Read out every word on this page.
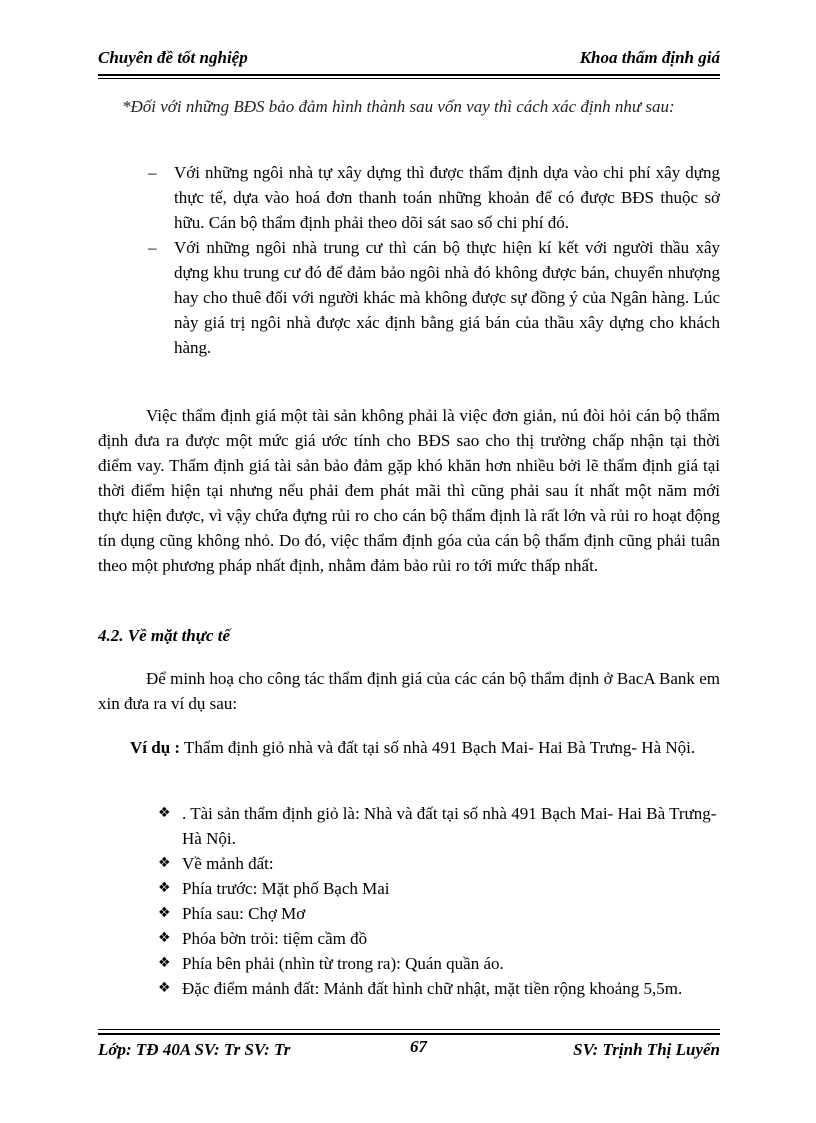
Chuyên đề tốt nghiệp	Khoa thẩm định giá

*Đối với những BĐS bảo đảm hình thành sau vốn vay thì cách xác định như sau:

– Với những ngôi nhà tự xây dựng thì được thẩm định dựa vào chi phí xây dựng thực tế, dựa vào hoá đơn thanh toán những khoản để có được BĐS thuộc sở hữu. Cán bộ thẩm định phải theo dõi sát sao số chi phí đó.
– Với những ngôi nhà trung cư thì cán bộ thực hiện kí kết với người thầu xây dựng khu trung cư đó để đảm bảo ngôi nhà đó không được bán, chuyển nhượng hay cho thuê đối với người khác mà không được sự đồng ý của Ngân hàng. Lúc này giá trị ngôi nhà được xác định bằng giá bán của thầu xây dựng cho khách hàng.

Việc thẩm định giá một tài sản không phải là việc đơn giản, nú đòi hỏi cán bộ thẩm định đưa ra được một mức giá ước tính cho BĐS sao cho thị trường chấp nhận tại thời điểm vay. Thẩm định giá tài sản bảo đảm gặp khó khăn hơn nhiều bởi lẽ thẩm định giá tại thời điểm hiện tại nhưng nếu phải đem phát mãi thì cũng phải sau ít nhất một năm mới thực hiện được, vì vậy chứa đựng rủi ro cho cán bộ thẩm định là rất lớn và rủi ro hoạt động tín dụng cũng không nhỏ. Do đó, việc thẩm định góa của cán bộ thẩm định cũng phải tuân theo một phương pháp nhất định, nhằm đảm bảo rủi ro tới mức thấp nhất.

4.2. Về mặt thực tế

Để minh hoạ cho công tác thẩm định giá của các cán bộ thẩm định ở BacA Bank em xin đưa ra ví dụ sau:

Ví dụ : Thẩm định giỏ nhà và đất tại số nhà 491 Bạch Mai- Hai Bà Trưng- Hà Nội.

❖ . Tài sản thẩm định giỏ là: Nhà và đất tại số nhà 491 Bạch Mai- Hai Bà Trưng- Hà Nội.
❖ Về mảnh đất:
❖ Phía trước: Mặt phố Bạch Mai
❖ Phía sau: Chợ Mơ
❖ Phóa bờn trỏi: tiệm cầm đồ
❖ Phía bên phải (nhìn từ trong ra): Quán quần áo.
❖ Đặc điểm mảnh đất: Mảnh đất hình chữ nhật, mặt tiền rộng khoảng 5,5m.
Lớp: TĐ 40A SV: Tr SV: Tr	67	SV: Trịnh Thị Luyến
